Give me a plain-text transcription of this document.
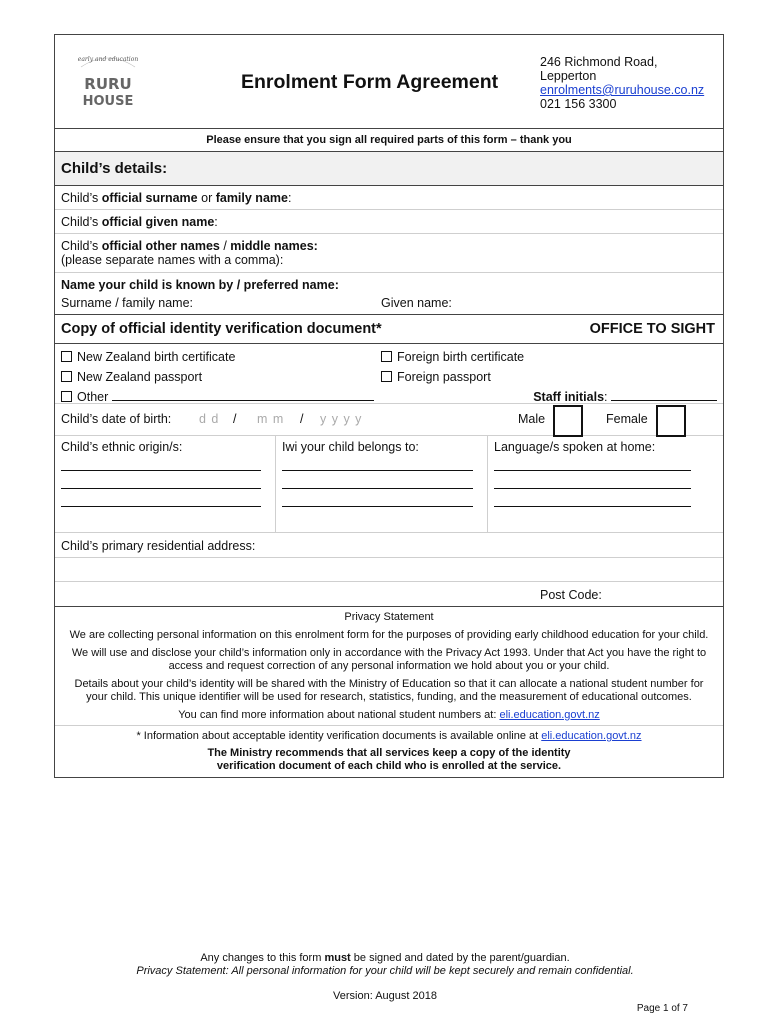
early and education
RURU
HOUSE
Enrolment Form Agreement
246 Richmond Road,
Lepperton
enrolments@ruruhouse.co.nz
021 156 3300
Please ensure that you sign all required parts of this form – thank you
Child’s details:
Child’s official surname or family name:
Child’s official given name:
Child’s official other names / middle names:
(please separate names with a comma):
Name your child is known by / preferred name:
Surname / family name:	Given name:
Copy of official identity verification document*	OFFICE TO SIGHT
New Zealand birth certificate	Foreign birth certificate
New Zealand passport	Foreign passport
Other	Staff initials:
Child’s date of birth: d d / m m / y y y y	Male	Female
Child’s ethnic origin/s:	Iwi your child belongs to:	Language/s spoken at home:
Child’s primary residential address:
Post Code:

Privacy Statement

We are collecting personal information on this enrolment form for the purposes of providing early childhood education for your child.

We will use and disclose your child’s information only in accordance with the Privacy Act 1993. Under that Act you have the right to access and request correction of any personal information we hold about you or your child.

Details about your child’s identity will be shared with the Ministry of Education so that it can allocate a national student number for your child. This unique identifier will be used for research, statistics, funding, and the measurement of educational outcomes.

You can find more information about national student numbers at: eli.education.govt.nz

* Information about acceptable identity verification documents is available online at eli.education.govt.nz

The Ministry recommends that all services keep a copy of the identity
verification document of each child who is enrolled at the service.
Any changes to this form must be signed and dated by the parent/guardian.
Privacy Statement: All personal information for your child will be kept securely and remain confidential.
Version: August 2018
Page 1 of 7
